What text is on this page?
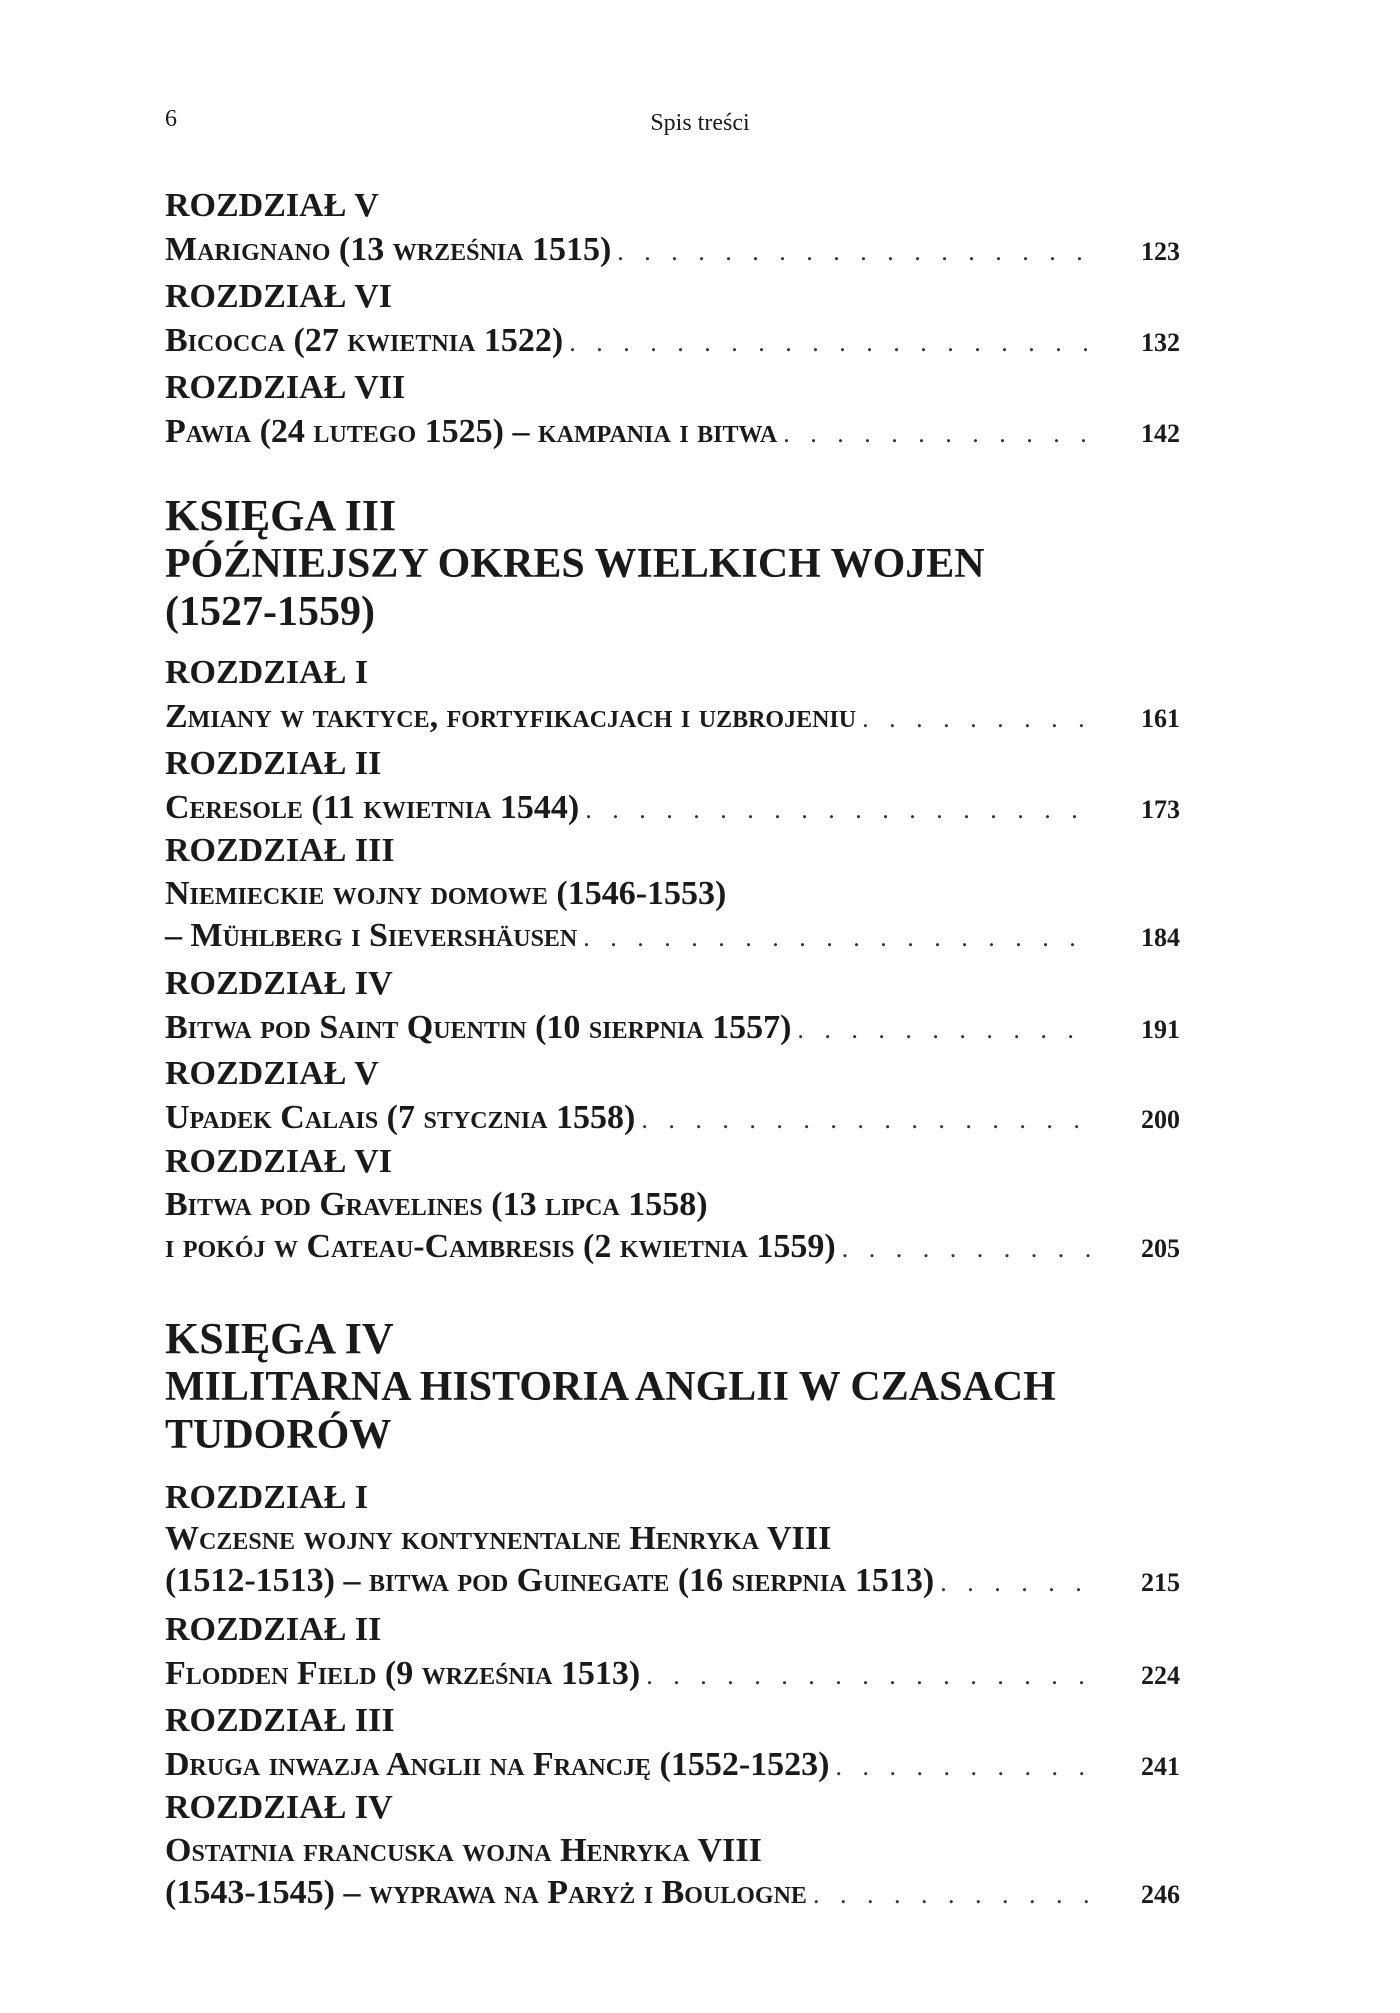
6	Spis treści
ROZDZIAŁ V
Marignano (13 września 1515) . . .	123
ROZDZIAŁ VI
Bicocca (27 kwietnia 1522) . . .	132
ROZDZIAŁ VII
Pawia (24 lutego 1525) – kampania i bitwa . . .	142
KSIĘGA III
PÓŹNIEJSZY OKRES WIELKICH WOJEN
(1527-1559)
ROZDZIAŁ I
Zmiany w taktyce, fortyfikacjach i uzbrojeniu . . .	161
ROZDZIAŁ II
Ceresole (11 kwietnia 1544) . . .	173
ROZDZIAŁ III
Niemieckie wojny domowe (1546-1553)
– Mühlberg i Sievershäusen . . .	184
ROZDZIAŁ IV
Bitwa pod Saint Quentin (10 sierpnia 1557) . . .	191
ROZDZIAŁ V
Upadek Calais (7 stycznia 1558) . . .	200
ROZDZIAŁ VI
Bitwa pod Gravelines (13 lipca 1558)
i pokój w Cateau-Cambresis (2 kwietnia 1559) . . .	205
KSIĘGA IV
MILITARNA HISTORIA ANGLII W CZASACH
TUDORÓW
ROZDZIAŁ I
Wczesne wojny kontynentalne Henryka VIII
(1512-1513) – bitwa pod Guinegate (16 sierpnia 1513) . . .	215
ROZDZIAŁ II
Flodden Field (9 września 1513) . . .	224
ROZDZIAŁ III
Druga inwazja Anglii na Francję (1552-1523) . . .	241
ROZDZIAŁ IV
Ostatnia francuska wojna Henryka VIII
(1543-1545) – wyprawa na Paryż i Boulogne . . .	246
